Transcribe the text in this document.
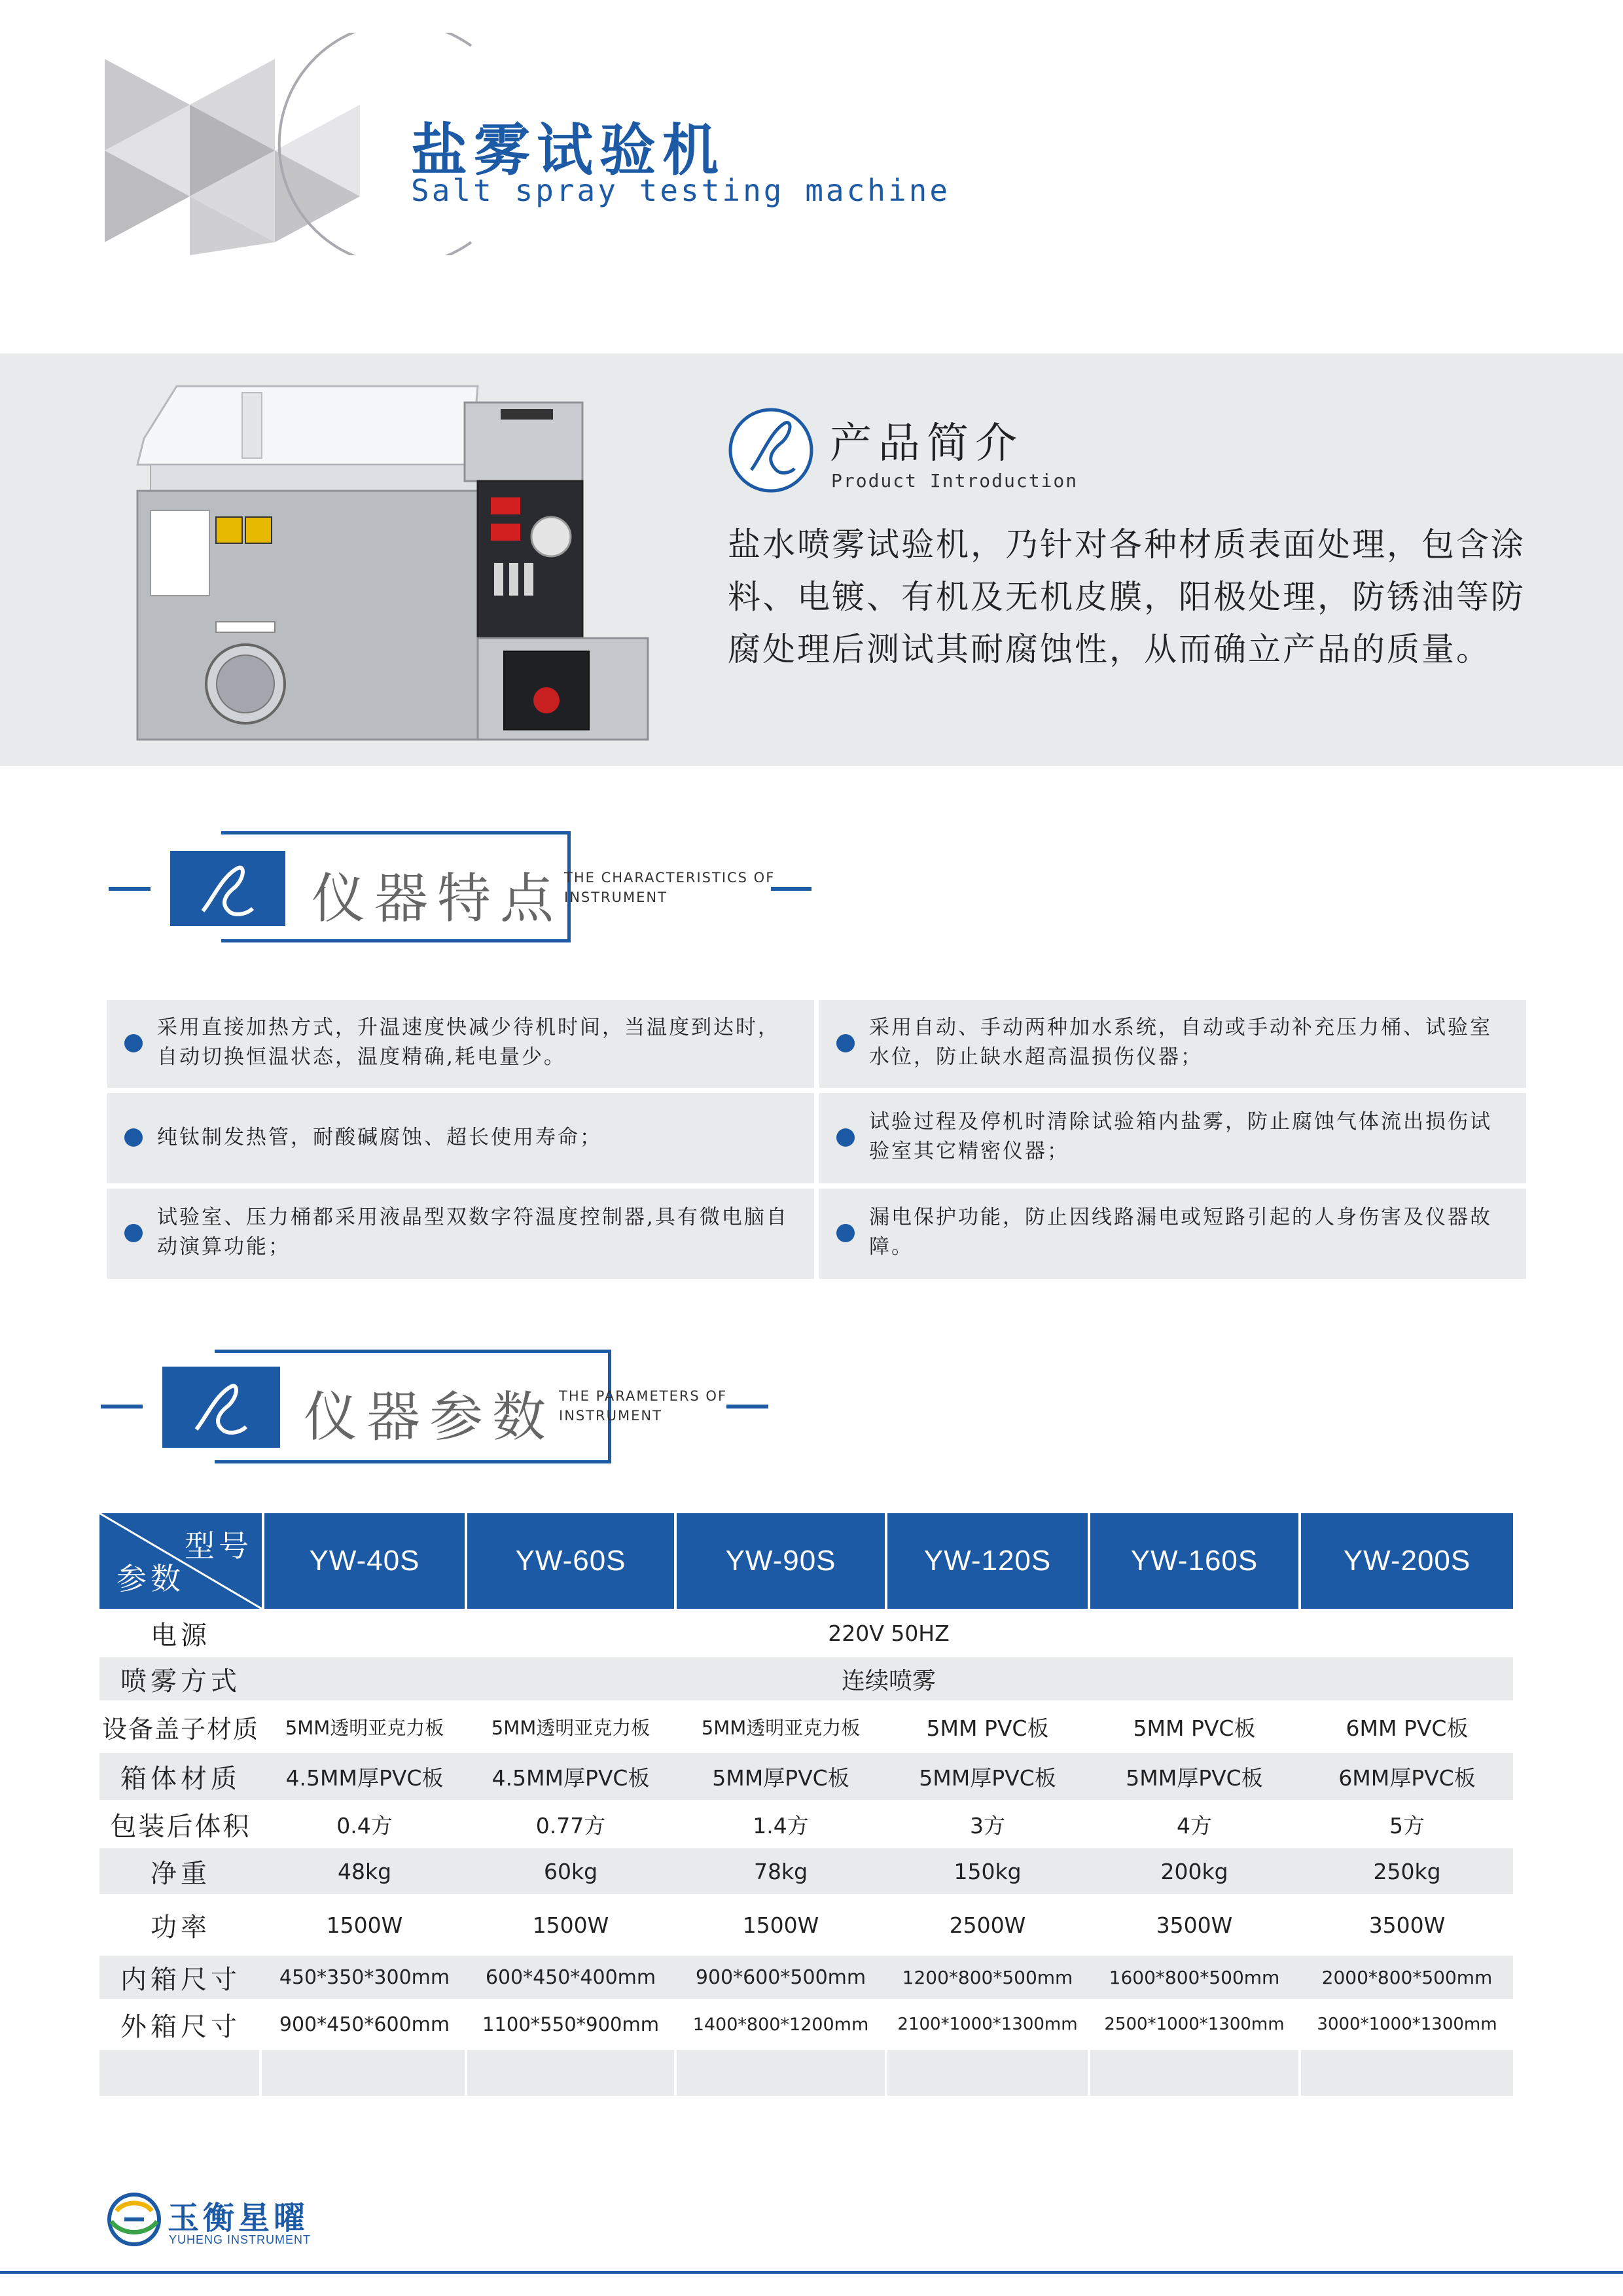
盐雾试验机
Salt spray testing machine
产品简介
Product Introduction
盐水喷雾试验机，乃针对各种材质表面处理，包含涂料、电镀、有机及无机皮膜，阳极处理，防锈油等防腐处理后测试其耐腐蚀性，从而确立产品的质量。
仪器特点 THE CHARACTERISTICS OF
INSTRUMENT
采用直接加热方式，升温速度快减少待机时间，当温度到达时，自动切换恒温状态，温度精确,耗电量少。
采用自动、手动两种加水系统，自动或手动补充压力桶、试验室水位，防止缺水超高温损伤仪器；
纯钛制发热管，耐酸碱腐蚀、超长使用寿命；
试验过程及停机时清除试验箱内盐雾，防止腐蚀气体流出损伤试验室其它精密仪器；
试验室、压力桶都采用液晶型双数字符温度控制器,具有微电脑自动演算功能；
漏电保护功能，防止因线路漏电或短路引起的人身伤害及仪器故障。
仪器参数 THE PARAMETERS OF
INSTRUMENT
型号
参数
YW-40S	YW-60S	YW-90S	YW-120S	YW-160S	YW-200S
电源	220V 50HZ
喷雾方式	连续喷雾
设备盖子材质	5MM透明亚克力板	5MM透明亚克力板	5MM透明亚克力板	5MM PVC板	5MM PVC板	6MM PVC板
箱体材质	4.5MM厚PVC板	4.5MM厚PVC板	5MM厚PVC板	5MM厚PVC板	5MM厚PVC板	6MM厚PVC板
包装后体积	0.4方	0.77方	1.4方	3方	4方	5方
净重	48kg	60kg	78kg	150kg	200kg	250kg
功率	1500W	1500W	1500W	2500W	3500W	3500W
内箱尺寸	450*350*300mm	600*450*400mm	900*600*500mm	1200*800*500mm	1600*800*500mm	2000*800*500mm
外箱尺寸	900*450*600mm	1100*550*900mm	1400*800*1200mm	2100*1000*1300mm	2500*1000*1300mm	3000*1000*1300mm
玉衡星曜
YUHENG INSTRUMENT
